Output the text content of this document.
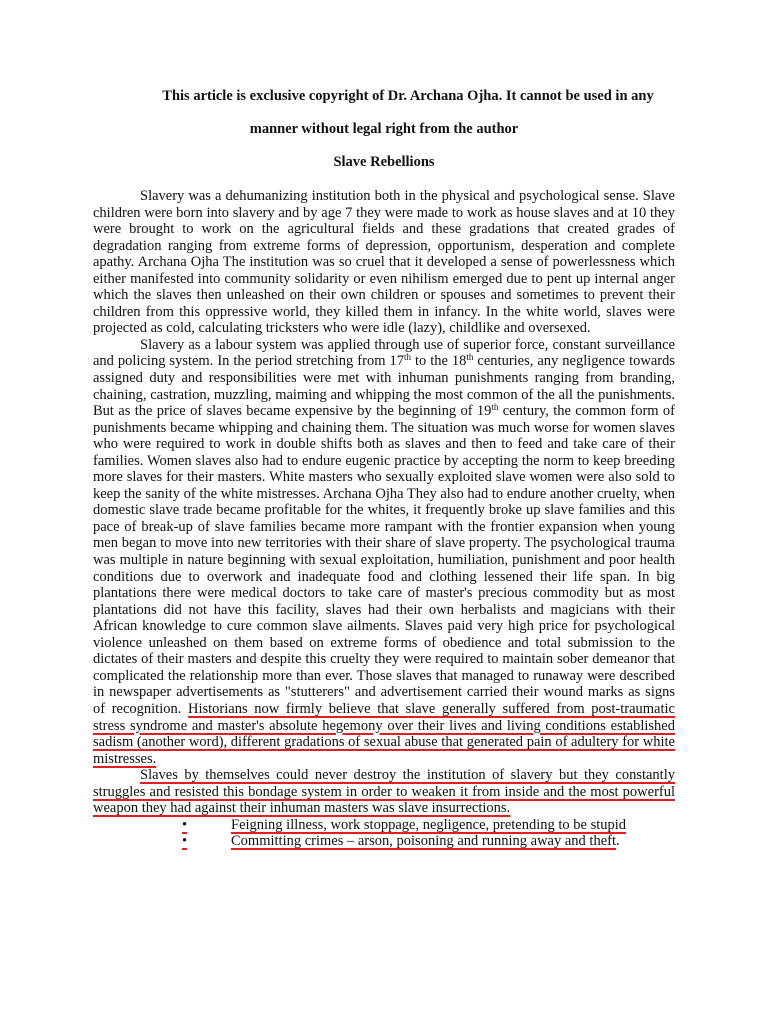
This article is exclusive copyright of Dr. Archana Ojha. It cannot be used in any

manner without legal right from the author

Slave Rebellions

Slavery was a dehumanizing institution both in the physical and psychological sense. Slave children were born into slavery and by age 7 they were made to work as house slaves and at 10 they were brought to work on the agricultural fields and these gradations that created grades of degradation ranging from extreme forms of depression, opportunism, desperation and complete apathy. Archana Ojha The institution was so cruel that it developed a sense of powerlessness which either manifested into community solidarity or even nihilism emerged due to pent up internal anger which the slaves then unleashed on their own children or spouses and sometimes to prevent their children from this oppressive world, they killed them in infancy. In the white world, slaves were projected as cold, calculating tricksters who were idle (lazy), childlike and oversexed.

Slavery as a labour system was applied through use of superior force, constant surveillance and policing system. In the period stretching from 17th to the 18th centuries, any negligence towards assigned duty and responsibilities were met with inhuman punishments ranging from branding, chaining, castration, muzzling, maiming and whipping the most common of the all the punishments. But as the price of slaves became expensive by the beginning of 19th century, the common form of punishments became whipping and chaining them. The situation was much worse for women slaves who were required to work in double shifts both as slaves and then to feed and take care of their families. Women slaves also had to endure eugenic practice by accepting the norm to keep breeding more slaves for their masters. White masters who sexually exploited slave women were also sold to keep the sanity of the white mistresses. Archana Ojha They also had to endure another cruelty, when domestic slave trade became profitable for the whites, it frequently broke up slave families and this pace of break-up of slave families became more rampant with the frontier expansion when young men began to move into new territories with their share of slave property. The psychological trauma was multiple in nature beginning with sexual exploitation, humiliation, punishment and poor health conditions due to overwork and inadequate food and clothing lessened their life span. In big plantations there were medical doctors to take care of master's precious commodity but as most plantations did not have this facility, slaves had their own herbalists and magicians with their African knowledge to cure common slave ailments. Slaves paid very high price for psychological violence unleashed on them based on extreme forms of obedience and total submission to the dictates of their masters and despite this cruelty they were required to maintain sober demeanor that complicated the relationship more than ever. Those slaves that managed to runaway were described in newspaper advertisements as "stutterers" and advertisement carried their wound marks as signs of recognition. Historians now firmly believe that slave generally suffered from post-traumatic stress syndrome and master's absolute hegemony over their lives and living conditions established sadism (another word), different gradations of sexual abuse that generated pain of adultery for white mistresses.

Slaves by themselves could never destroy the institution of slavery but they constantly struggles and resisted this bondage system in order to weaken it from inside and the most powerful weapon they had against their inhuman masters was slave insurrections.

•	Feigning illness, work stoppage, negligence, pretending to be stupid
•	Committing crimes – arson, poisoning and running away and theft .
